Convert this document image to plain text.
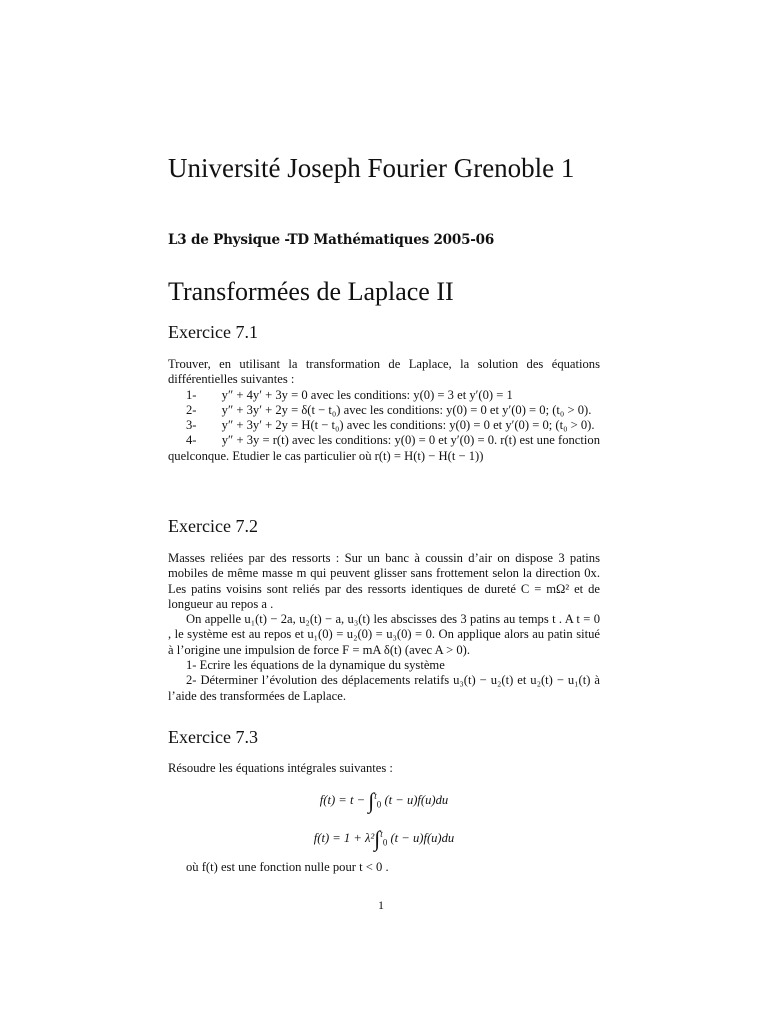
Université Joseph Fourier Grenoble 1
L3 de Physique -TD Mathématiques 2005-06
Transformées de Laplace II
Exercice 7.1

Trouver, en utilisant la transformation de Laplace, la solution des équations différentielles suivantes :

1-        y″ + 4y′ + 3y = 0 avec les conditions: y(0) = 3 et y′(0) = 1

2-        y″ + 3y′ + 2y = δ(t − t₀) avec les conditions: y(0) = 0 et y′(0) = 0; (t₀ > 0).

3-        y″ + 3y′ + 2y = H(t − t₀) avec les conditions: y(0) = 0 et y′(0) = 0; (t₀ > 0).

4-        y″ + 3y = r(t) avec les conditions: y(0) = 0 et y′(0) = 0. r(t) est une fonction quelconque. Etudier le cas particulier où r(t) = H(t) − H(t − 1))

Exercice 7.2

Masses reliées par des ressorts : Sur un banc à coussin d’air on dispose 3 patins mobiles de même masse m qui peuvent glisser sans frottement selon la direction 0x. Les patins voisins sont reliés par des ressorts identiques de dureté C = mΩ² et de longueur au repos a .

On appelle u₁(t) − 2a, u₂(t) − a, u₃(t) les abscisses des 3 patins au temps t . A t = 0 , le système est au repos et u₁(0) = u₂(0) = u₃(0) = 0. On applique alors au patin situé à l’origine une impulsion de force F = mA δ(t) (avec A > 0).

1- Ecrire les équations de la dynamique du système

2- Déterminer l’évolution des déplacements relatifs u₃(t) − u₂(t) et u₂(t) − u₁(t) à l’aide des transformées de Laplace.

Exercice 7.3
Résoudre les équations intégrales suivantes :
f(t) = t − ∫$^t_0$ (t − u)f(u)du
f(t) = 1 + λ²∫$^t_0$ (t − u)f(u)du
où f(t) est une fonction nulle pour t < 0 .
1
